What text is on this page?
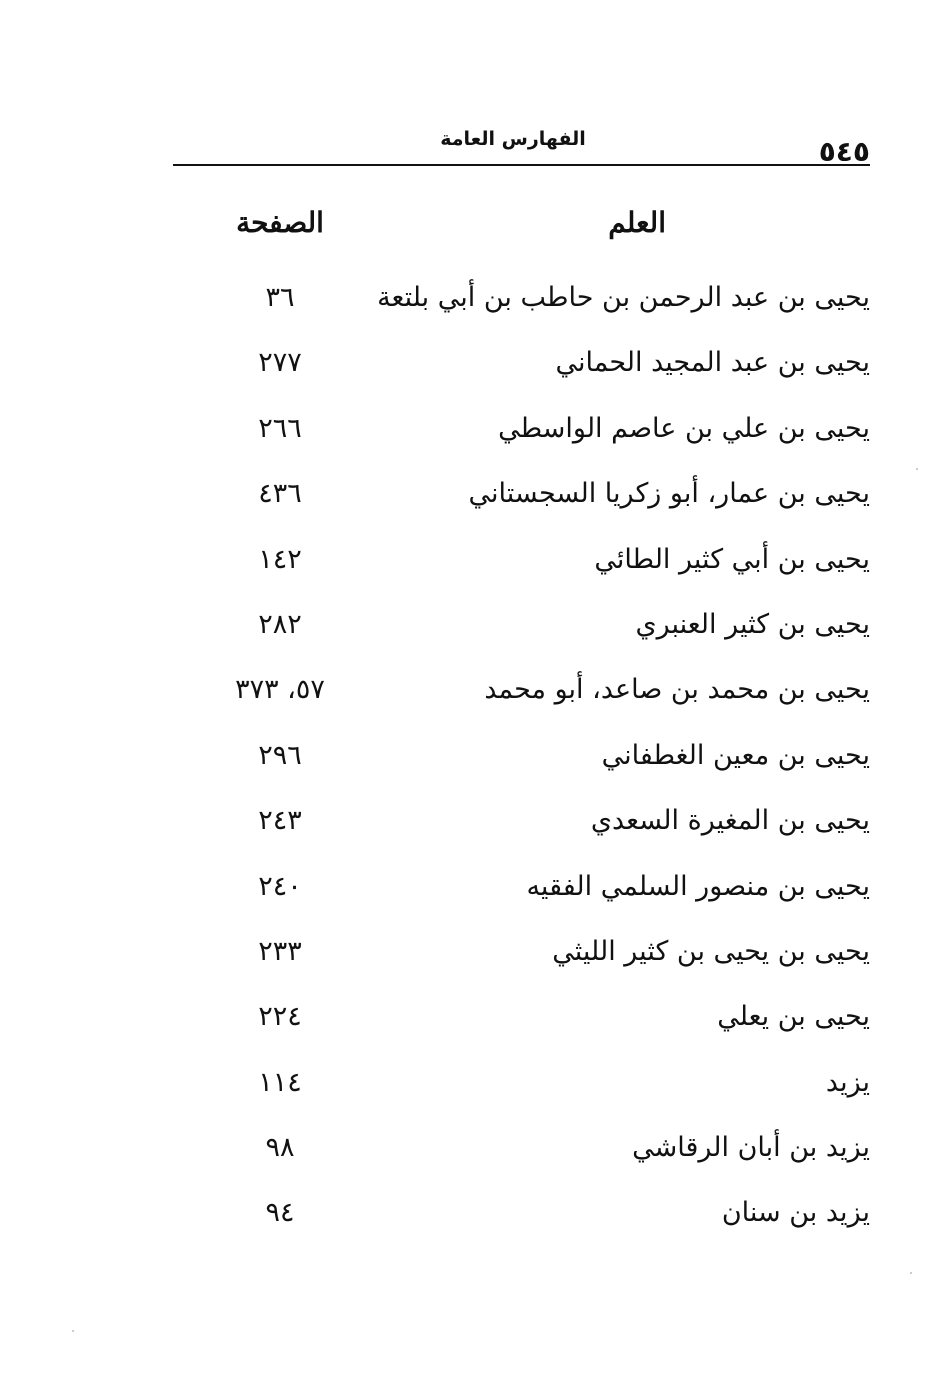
٥٤٥
الفهارس العامة
العلم
الصفحة
يحيى بن عبد الرحمن بن حاطب بن أبي بلتعة
٣٦
يحيى بن عبد المجيد الحماني
٢٧٧
يحيى بن علي بن عاصم الواسطي
٢٦٦
يحيى بن عمار، أبو زكريا السجستاني
٤٣٦
يحيى بن أبي كثير الطائي
١٤٢
يحيى بن كثير العنبري
٢٨٢
يحيى بن محمد بن صاعد، أبو محمد
٥٧، ٣٧٣
يحيى بن معين الغطفاني
٢٩٦
يحيى بن المغيرة السعدي
٢٤٣
يحيى بن منصور السلمي الفقيه
٢٤٠
يحيى بن يحيى بن كثير الليثي
٢٣٣
يحيى بن يعلي
٢٢٤
يزيد
١١٤
يزيد بن أبان الرقاشي
٩٨
يزيد بن سنان
٩٤
